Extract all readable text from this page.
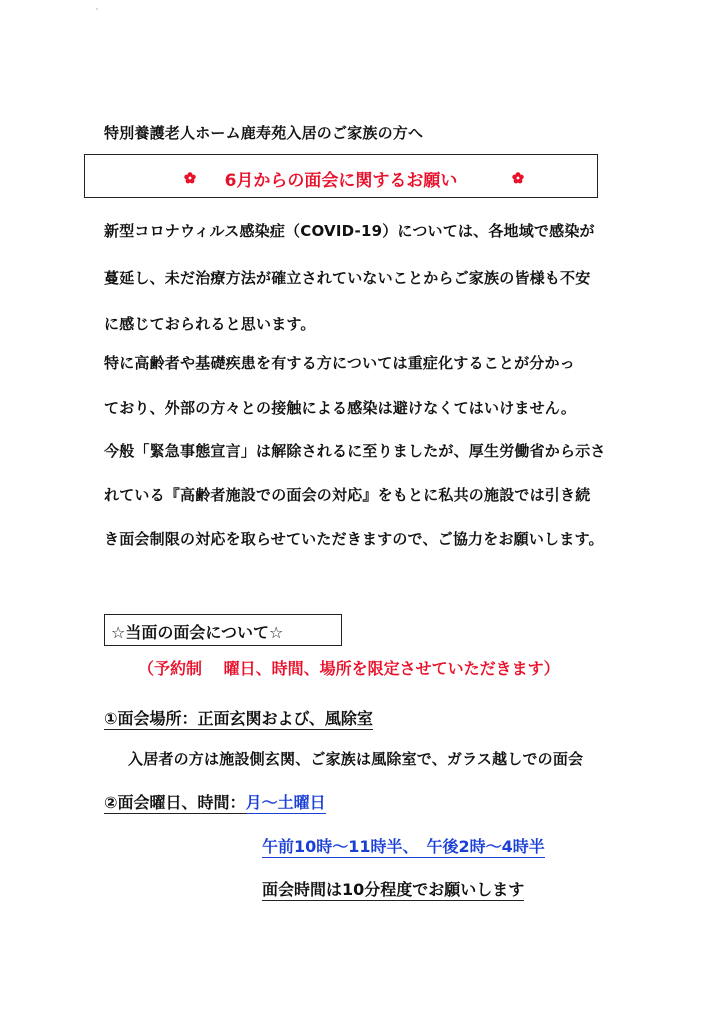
特別養護老人ホーム鹿寿苑入居のご家族の方へ
6月からの面会に関するお願い
新型コロナウィルス感染症（COVID-19）については、各地域で感染が
蔓延し、未だ治療方法が確立されていないことからご家族の皆様も不安
に感じておられると思います。
特に高齢者や基礎疾患を有する方については重症化することが分かっ
ており、外部の方々との接触による感染は避けなくてはいけません。
今般「緊急事態宣言」は解除されるに至りましたが、厚生労働省から示さ
れている『高齢者施設での面会の対応』をもとに私共の施設では引き続
き面会制限の対応を取らせていただきますので、ご協力をお願いします。
☆当面の面会について☆
（予約制　 曜日、時間、場所を限定させていただきます）
①面会場所：正面玄関および、風除室
入居者の方は施設側玄関、ご家族は風除室で、ガラス越しでの面会
②面会曜日、時間：月～土曜日
午前10時～11時半、　午後2時～4時半
面会時間は10分程度でお願いします
